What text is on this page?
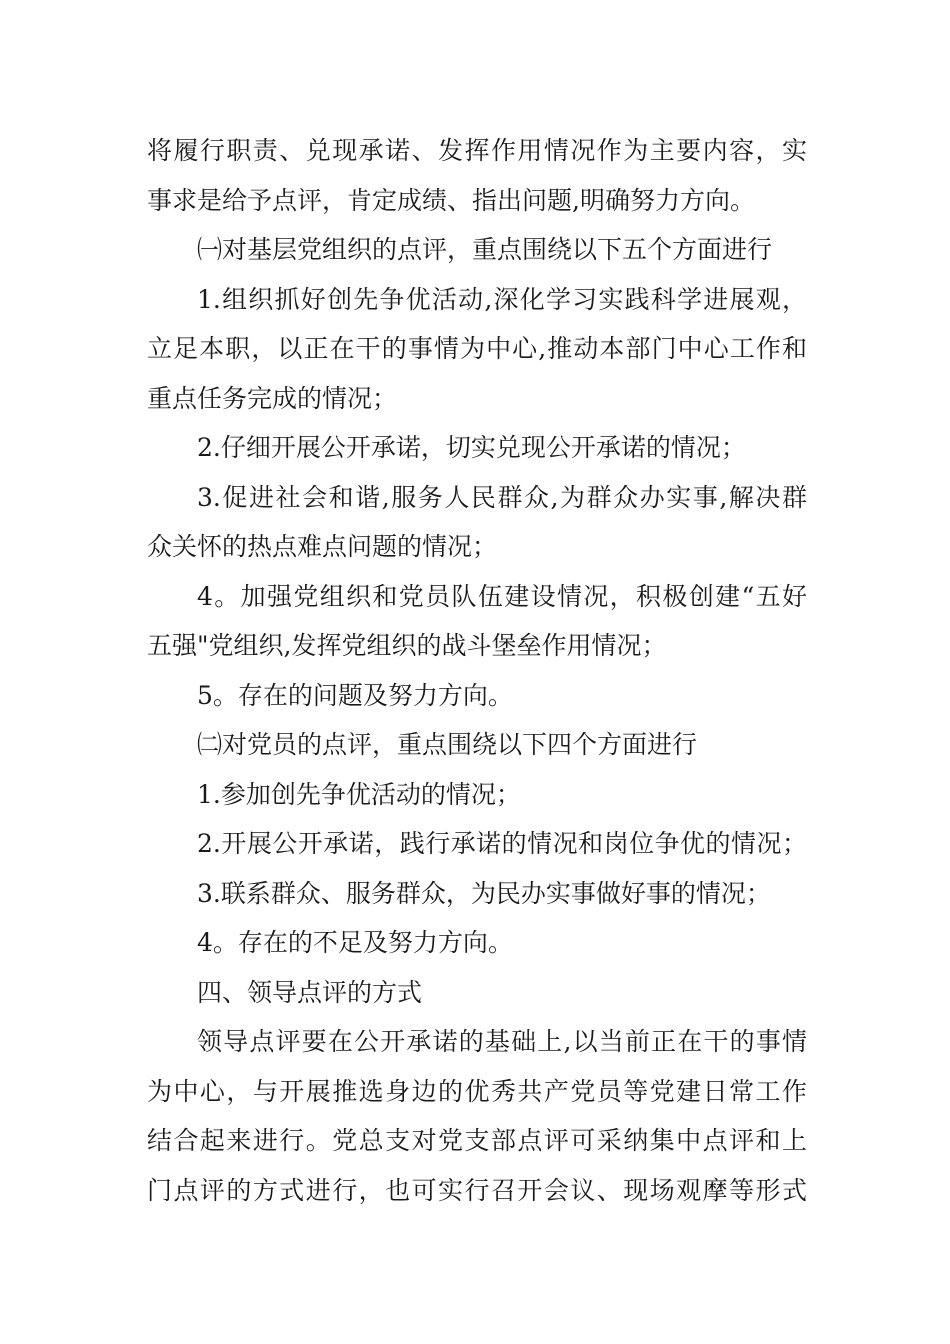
将履行职责、兑现承诺、发挥作用情况作为主要内容，实
事求是给予点评，肯定成绩、指出问题,明确努力方向。
㈠对基层党组织的点评，重点围绕以下五个方面进行
1.组织抓好创先争优活动,深化学习实践科学进展观，
立足本职，以正在干的事情为中心,推动本部门中心工作和
重点任务完成的情况；
2.仔细开展公开承诺，切实兑现公开承诺的情况；
3.促进社会和谐,服务人民群众,为群众办实事,解决群
众关怀的热点难点问题的情况；
4。加强党组织和党员队伍建设情况，积极创建“五好
五强"党组织,发挥党组织的战斗堡垒作用情况；
5。存在的问题及努力方向。
㈡对党员的点评，重点围绕以下四个方面进行
1.参加创先争优活动的情况；
2.开展公开承诺，践行承诺的情况和岗位争优的情况；
3.联系群众、服务群众，为民办实事做好事的情况；
4。存在的不足及努力方向。
四、领导点评的方式
领导点评要在公开承诺的基础上,以当前正在干的事情
为中心，与开展推选身边的优秀共产党员等党建日常工作
结合起来进行。党总支对党支部点评可采纳集中点评和上
门点评的方式进行，也可实行召开会议、现场观摩等形式
